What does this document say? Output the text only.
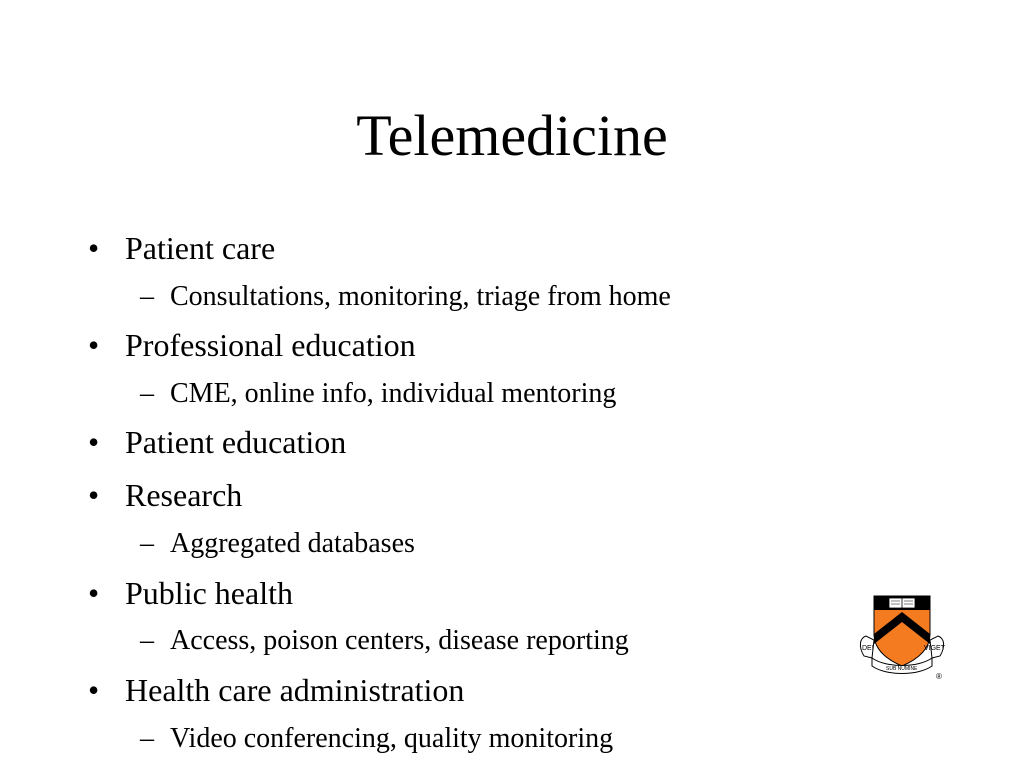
Telemedicine
• Patient care
– Consultations, monitoring, triage from home
• Professional education
– CME, online info, individual mentoring
• Patient education
• Research
– Aggregated databases
• Public health
– Access, poison centers, disease reporting
• Health care administration
– Video conferencing, quality monitoring
DEI	VIGET
SUB NUMINE
®
